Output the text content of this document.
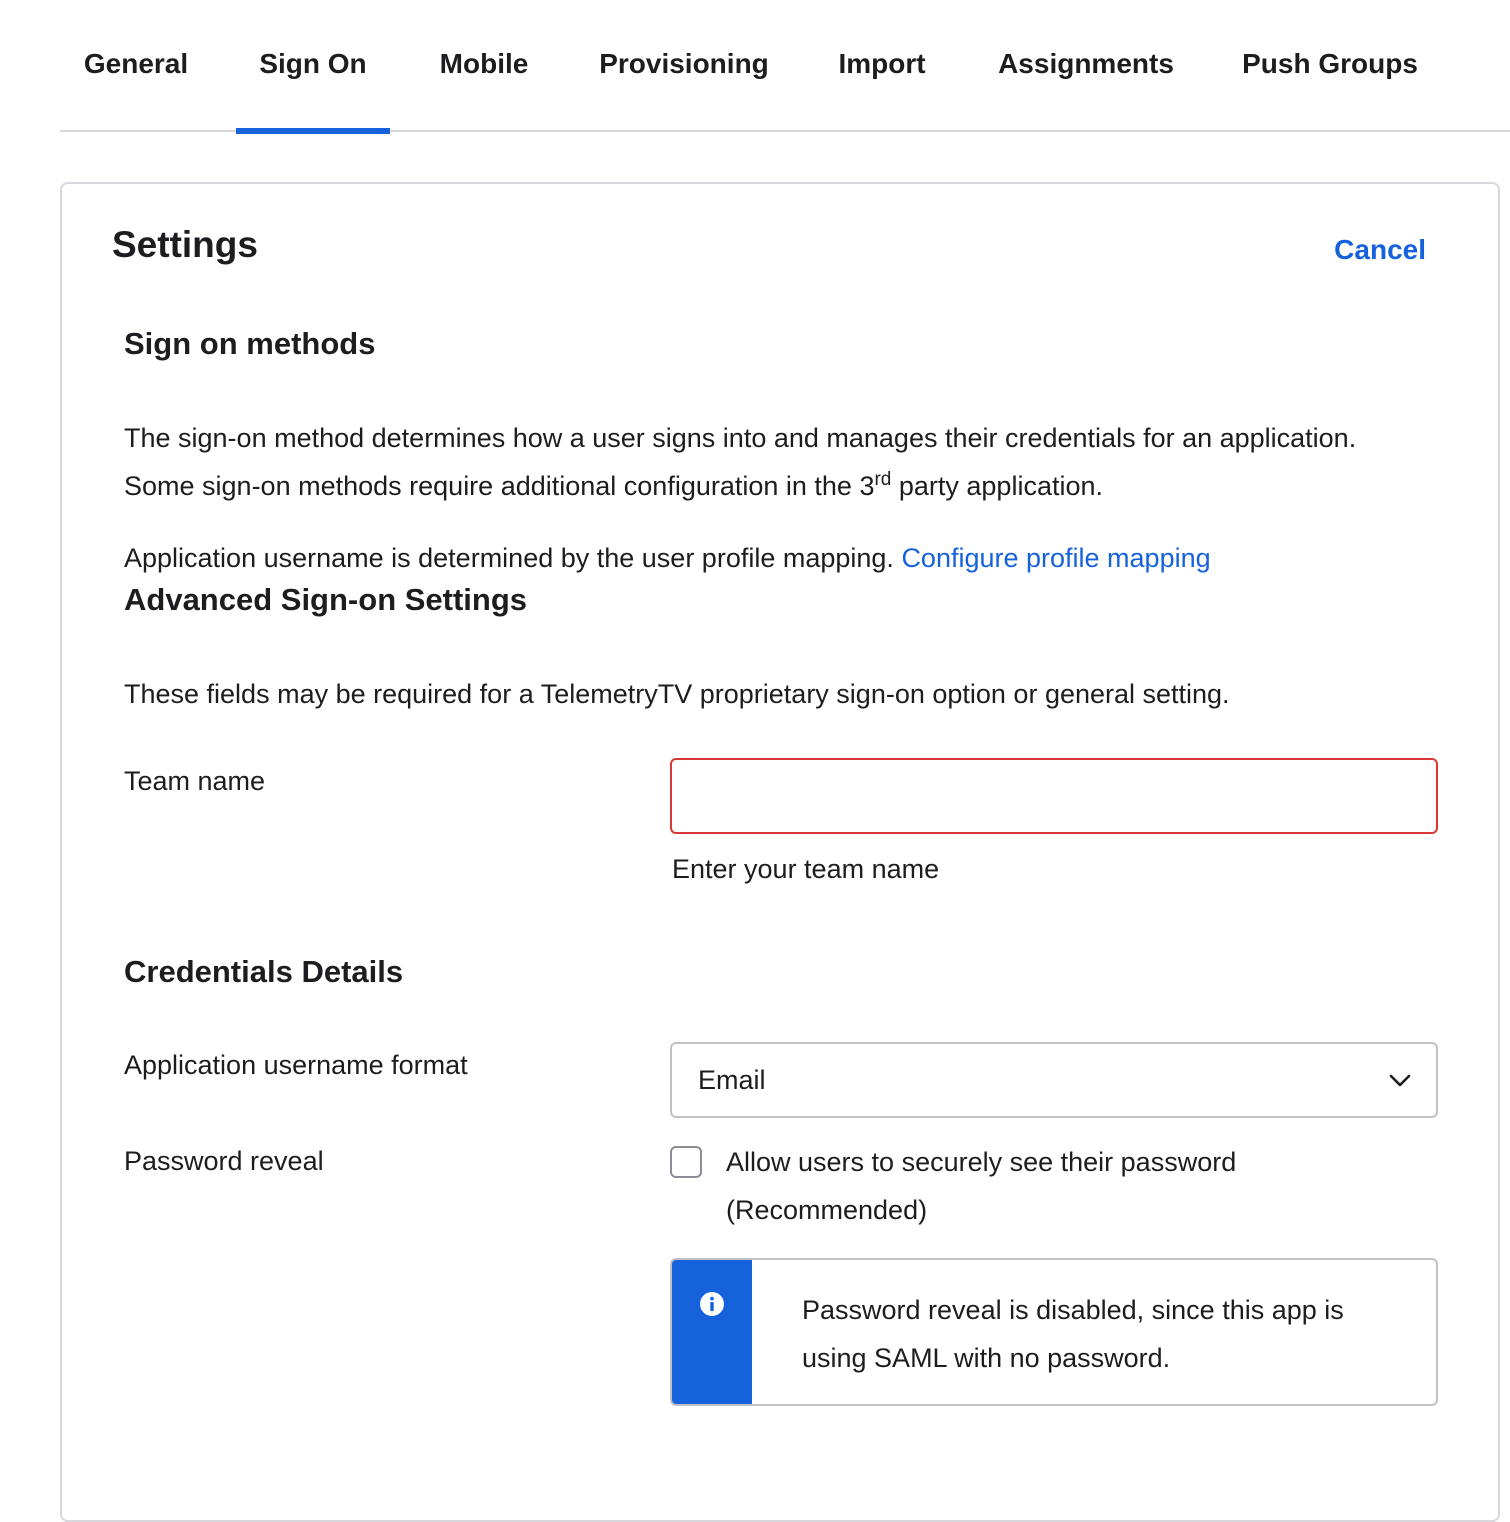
General	Sign On	Mobile	Provisioning	Import	Assignments	Push Groups
Settings	Cancel
Sign on methods
The sign-on method determines how a user signs into and manages their credentials for an application. Some sign-on methods require additional configuration in the 3rd party application.
Application username is determined by the user profile mapping. Configure profile mapping
Advanced Sign-on Settings
These fields may be required for a TelemetryTV proprietary sign-on option or general setting.
Team name
Enter your team name
Credentials Details
Application username format	Email
Password reveal	Allow users to securely see their password
(Recommended)
Password reveal is disabled, since this app is
using SAML with no password.
